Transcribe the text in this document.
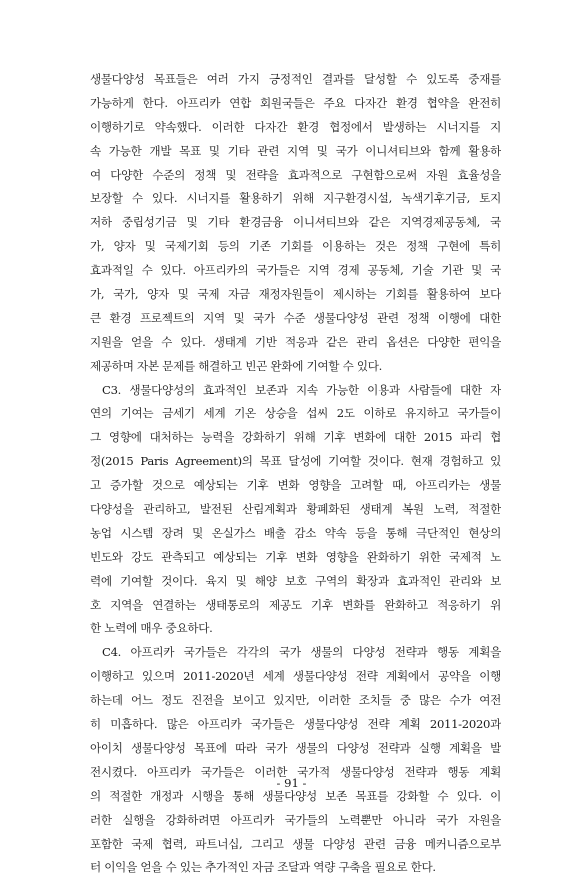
생물다양성 목표들은 여러 가지 긍정적인 결과를 달성할 수 있도록 중재를
가능하게 한다. 아프리카 연합 회원국들은 주요 다자간 환경 협약을 완전히
이행하기로 약속했다. 이러한 다자간 환경 협정에서 발생하는 시너지를 지
속 가능한 개발 목표 및 기타 관련 지역 및 국가 이니셔티브와 함께 활용하
여 다양한 수준의 정책 및 전략을 효과적으로 구현함으로써 자원 효율성을
보장할 수 있다. 시너지를 활용하기 위해 지구환경시설, 녹색기후기금, 토지
저하 중립성기금 및 기타 환경금융 이니셔티브와 같은 지역경제공동체, 국
가, 양자 및 국제기회 등의 기존 기회를 이용하는 것은 정책 구현에 특히
효과적일 수 있다. 아프리카의 국가들은 지역 경제 공동체, 기술 기관 및 국
가, 국가, 양자 및 국제 자금 재정자원들이 제시하는 기회를 활용하여 보다
큰 환경 프로젝트의 지역 및 국가 수준 생물다양성 관련 정책 이행에 대한
지원을 얻을 수 있다. 생태계 기반 적응과 같은 관리 옵션은 다양한 편익을
제공하며 자본 문제를 해결하고 빈곤 완화에 기여할 수 있다.
C3. 생물다양성의 효과적인 보존과 지속 가능한 이용과 사람들에 대한 자
연의 기여는 금세기 세계 기온 상승을 섭씨 2도 이하로 유지하고 국가들이
그 영향에 대처하는 능력을 강화하기 위해 기후 변화에 대한 2015 파리 협
정(2015 Paris Agreement)의 목표 달성에 기여할 것이다. 현재 경험하고 있
고 증가할 것으로 예상되는 기후 변화 영향을 고려할 때, 아프리카는 생물
다양성을 관리하고, 발전된 산림계획과 황폐화된 생태계 복원 노력, 적절한
농업 시스템 장려 및 온실가스 배출 감소 약속 등을 통해 극단적인 현상의
빈도와 강도 관측되고 예상되는 기후 변화 영향을 완화하기 위한 국제적 노
력에 기여할 것이다. 육지 및 해양 보호 구역의 확장과 효과적인 관리와 보
호 지역을 연결하는 생태통로의 제공도 기후 변화를 완화하고 적응하기 위
한 노력에 매우 중요하다.
C4. 아프리카 국가들은 각각의 국가 생물의 다양성 전략과 행동 계획을
이행하고 있으며 2011-2020년 세계 생물다양성 전략 계획에서 공약을 이행
하는데 어느 정도 진전을 보이고 있지만, 이러한 조치들 중 많은 수가 여전
히 미흡하다. 많은 아프리카 국가들은 생물다양성 전략 계획 2011-2020과
아이치 생물다양성 목표에 따라 국가 생물의 다양성 전략과 실행 계획을 발
전시켰다. 아프리카 국가들은 이러한 국가적 생물다양성 전략과 행동 계획
의 적절한 개정과 시행을 통해 생물다양성 보존 목표를 강화할 수 있다. 이
러한 실행을 강화하려면 아프리카 국가들의 노력뿐만 아니라 국가 자원을
포함한 국제 협력, 파트너십, 그리고 생물 다양성 관련 금융 메커니즘으로부
터 이익을 얻을 수 있는 추가적인 자금 조달과 역량 구축을 필요로 한다.
- 91 -
